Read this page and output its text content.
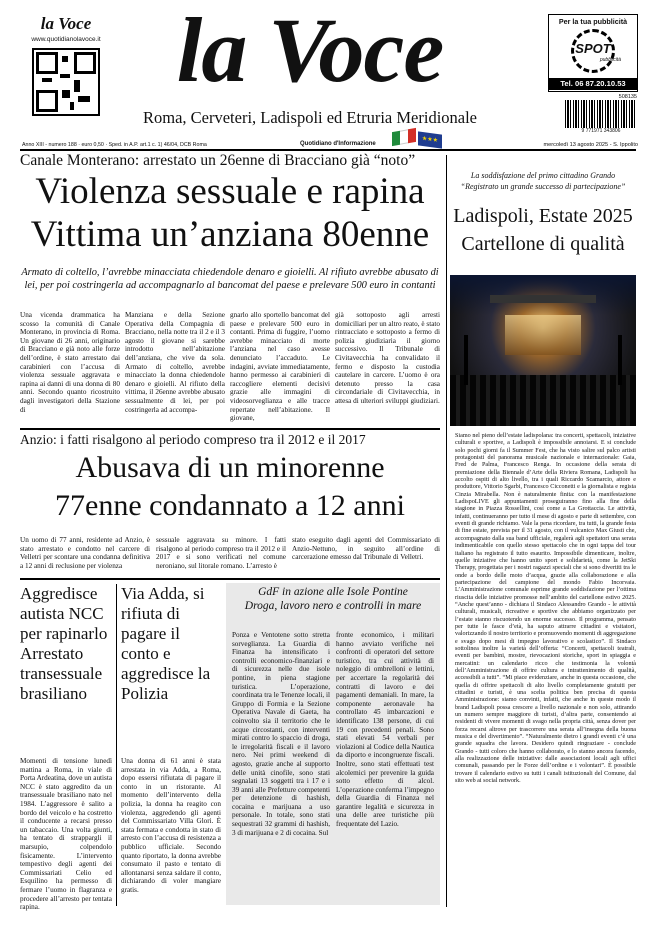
la Voce
www.quotidianolavoce.it
Anno XIII - numero 188 · euro 0,50 · Sped. in A.P. art.1 c. 1) 46/04, DCB Roma
la Voce
Roma, Cerveteri, Ladispoli ed Etruria Meridionale
Quotidiano d'Informazione	★★★
mercoledì 13 agosto 2025 - S. Ippolito
Per la tua pubblicità
SPOT
pubblicità
Tel. 06 87.20.10.53
508135
9 771971 343806
Canale Monterano: arrestato un 26enne di Bracciano già “noto”
Violenza sessuale e rapina
Vittima un’anziana 80enne
Armato di coltello, l’avrebbe minacciata chiedendole denaro e gioielli. Al rifiuto avrebbe abusato di lei, per poi costringerla ad accompagnarlo al bancomat del paese e prelevare 500 euro in contanti
Una vicenda drammatica ha scosso la comunità di Canale Monterano, in provincia di Roma. Un giovane di 26 anni, originario di Bracciano e già noto alle forze dell’ordine, è stato arrestato dai carabinieri con l’accusa di violenza sessuale aggravata e rapina ai danni di una donna di 80 anni. Secondo quanto ricostruito dagli investigatori della Stazione di
Manziana e della Sezione Operativa della Compagnia di Bracciano, nella notte tra il 2 e il 3 agosto il giovane si sarebbe introdotto nell’abitazione dell’anziana, che vive da sola. Armato di coltello, avrebbe minacciato la donna chiedendole denaro e gioielli. Al rifiuto della vittima, il 26enne avrebbe abusato sessualmente di lei, per poi costringerla ad accompa-
gnarlo allo sportello bancomat del paese e prelevare 500 euro in contanti. Prima di fuggire, l’uomo avrebbe minacciato di morte l’anziana nel caso avesse denunciato l’accaduto. Le indagini, avviate immediatamente, hanno permesso ai carabinieri di raccogliere elementi decisivi grazie alle immagini di videosorveglianza e alle tracce repertate nell’abitazione. Il giovane,
già sottoposto agli arresti domiciliari per un altro reato, è stato rintracciato e sottoposto a fermo di polizia giudiziaria il giorno successivo. Il Tribunale di Civitavecchia ha convalidato il fermo e disposto la custodia cautelare in carcere. L’uomo è ora detenuto presso la casa circondariale di Civitavecchia, in attesa di ulteriori sviluppi giudiziari.
Anzio: i fatti risalgono al periodo compreso tra il 2012 e il 2017
Abusava di un minorenne
77enne condannato a 12 anni
Un uomo di 77 anni, residente ad Anzio, è stato arrestato e condotto nel carcere di Velletri per scontare una condanna definitiva a 12 anni di reclusione per violenza
sessuale aggravata su minore. I fatti risalgono al periodo compreso tra il 2012 e il 2017 e si sono verificati nel comune neroniano, sul litorale romano. L’arresto è
stato eseguito dagli agenti del Commissariato di Anzio-Nettuno, in seguito all’ordine di carcerazione emesso dal Tribunale di Velletri.
Aggredisce autista NCC per rapinarlo Arrestato transessuale brasiliano
Momenti di tensione lunedì mattina a Roma, in viale di Porta Ardeatina, dove un autista NCC è stato aggredito da un transessuale brasiliano nato nel 1984. L’aggressore è salito a bordo del veicolo e ha costretto il conducente a recarsi presso un tabaccaio. Una volta giunti, ha tentato di strappargli il marsupio, colpendolo fisicamente. L’intervento tempestivo degli agenti dei Commissariati Celio ed Esquilino ha permesso di fermare l’uomo in flagranza e procedere all’arresto per tentata rapina.
Via Adda, si rifiuta di pagare il conto e aggredisce la Polizia
Una donna di 61 anni è stata arrestata in via Adda, a Roma, dopo essersi rifiutata di pagare il conto in un ristorante. Al momento dell’intervento della polizia, la donna ha reagito con violenza, aggredendo gli agenti del Commissariato Villa Glori. È stata fermata e condotta in stato di arresto con l’accusa di resistenza a pubblico ufficiale. Secondo quanto riportato, la donna avrebbe consumato il pasto e tentato di allontanarsi senza saldare il conto, dichiarando di voler mangiare gratis.
GdF in azione alle Isole Pontine
Droga, lavoro nero e controlli in mare
Ponza e Ventotene sotto stretta sorveglianza. La Guardia di Finanza ha intensificato i controlli economico-finanziari e di sicurezza nelle due isole pontine, in piena stagione turistica. L’operazione, coordinata tra le Tenenze locali, il Gruppo di Formia e la Sezione Operativa Navale di Gaeta, ha coinvolto sia il territorio che le acque circostanti, con interventi mirati contro lo spaccio di droga, le irregolarità fiscali e il lavoro nero. Nei primi weekend di agosto, grazie anche al supporto delle unità cinofile, sono stati segnalati 13 soggetti tra i 17 e i 39 anni alle Prefetture competenti per detenzione di hashish, cocaina e marijuana a uso personale. In totale, sono stati sequestrati 32 grammi di hashish, 3 di marijuana e 2 di cocaina. Sul
fronte economico, i militari hanno avviato verifiche nei confronti di operatori del settore turistico, tra cui attività di noleggio di ombrelloni e lettini, per accertare la regolarità dei contratti di lavoro e dei pagamenti demaniali. In mare, la componente aeronavale ha controllato 45 imbarcazioni e identificato 138 persone, di cui 19 con precedenti penali. Sono stati elevati 54 verbali per violazioni al Codice della Nautica da diporto e incongruenze fiscali. Inoltre, sono stati effettuati test alcolemici per prevenire la guida sotto effetto di alcol. L’operazione conferma l’impegno della Guardia di Finanza nel garantire legalità e sicurezza in una delle aree turistiche più frequentate del Lazio.
La soddisfazione del primo cittadino Grando
“Registrato un grande successo di partecipazione”
Ladispoli, Estate 2025
Cartellone di qualità
Siamo nel pieno dell’estate ladispolana: tra concerti, spettacoli, iniziative culturali e sportive, a Ladispoli è impossibile annoiarsi. E si conclude solo pochi giorni fa il Summer Fest, che ha visto salire sul palco artisti protagonisti del panorama musicale nazionale e internazionale: Gaia, Fred de Palma, Francesco Renga. In occasione della serata di premiazione della Biennale d’Arte della Riviera Romana, Ladispoli ha accolto ospiti di alto livello, tra i quali Riccardo Scamarcio, attore e produttore, Vittorio Sgarbi, Francesco Cicconetti e la giornalista e regista Cinzia Mirabella. Non è naturalmente finita: con la manifestazione LadispoLIVE gli appuntamenti proseguiranno fino alla fine della stagione in Piazza Rossellini, così come a La Grottaccia. Le attività, infatti, continueranno per tutto il mese di agosto e parte di settembre, con eventi di grande richiamo. Vale la pena ricordare, tra tutti, la grande festa di fine estate, prevista per il 31 agosto, con il vulcanico Max Giusti che, accompagnato dalla sua band ufficiale, regalerà agli spettatori una serata indimenticabile con quello stesso spettacolo che in ogni tappa del tour italiano ha registrato il tutto esaurito. Impossibile dimenticare, inoltre, quelle iniziative che hanno unito sport e solidarietà, come la JetSki Therapy, progettata per i nostri ragazzi speciali che si sono divertiti tra le onde a bordo delle moto d’acqua, grazie alla collaborazione e alla partecipazione del campione del mondo Fabio Incorvaia. L’Amministrazione comunale esprime grande soddisfazione per l’ottima riuscita delle iniziative promosse nell’ambito del cartellone estivo 2025. “Anche quest’anno - dichiara il Sindaco Alessandro Grando - le attività culturali, musicali, ricreative e sportive che abbiamo organizzato per l’estate stanno riscuotendo un enorme successo. Il programma, pensato per tutte le fasce d’età, ha saputo attrarre cittadini e visitatori, valorizzando il nostro territorio e promuovendo momenti di aggregazione e svago dopo mesi di impegno lavorativo e scolastico”. Il Sindaco sottolinea inoltre la varietà dell’offerta: “Concerti, spettacoli teatrali, eventi per bambini, mostre, rievocazioni storiche, sport in spiaggia e mercatini: un calendario ricco che testimonia la volontà dell’Amministrazione di offrire cultura e intrattenimento di qualità, accessibili a tutti”. “Mi piace evidenziare, anche in questa occasione, che quella di offrire spettacoli di alto livello completamente gratuiti per cittadini e turisti, è una scelta politica ben precisa di questa Amministrazione: siamo convinti, infatti, che anche in queste modo il brand Ladispoli possa crescere a livello nazionale e non solo, attirando un numero sempre maggiore di turisti, d’altra parte, consentendo ai residenti di vivere momenti di svago nella propria città, senza dover per forza recarsi altrove per trascorrere una serata all’insegna della buona musica e del divertimento”. “Naturalmente dietro i grandi eventi c’è una grande squadra che lavora. Desidero quindi ringraziare - conclude Grando - tutti coloro che hanno collaborato, e lo stanno ancora facendo, alla realizzazione delle iniziative: dalle associazioni locali agli uffici comunali, passando per le Forze dell’ordine e i volontari”. È possibile trovare il calendario estivo su tutti i canali istituzionali del Comune, dal sito web ai social network.
